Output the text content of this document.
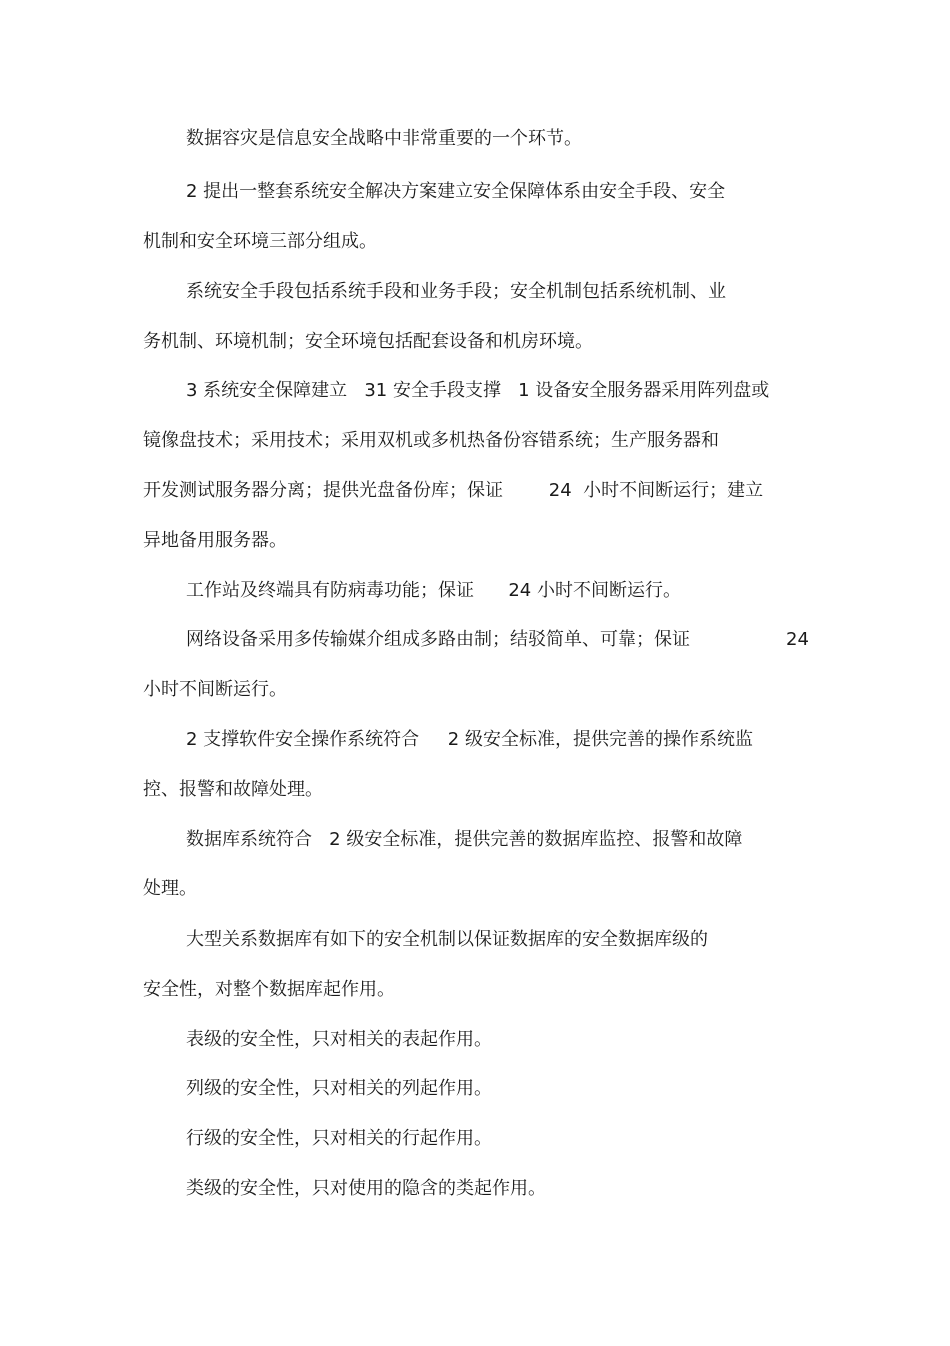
数据容灾是信息安全战略中非常重要的一个环节。

2 提出一整套系统安全解决方案建立安全保障体系由安全手段、安全

机制和安全环境三部分组成。

系统安全手段包括系统手段和业务手段；安全机制包括系统机制、业

务机制、环境机制；安全环境包括配套设备和机房环境。

3 系统安全保障建立   31 安全手段支撑   1 设备安全服务器采用阵列盘或

镜像盘技术；采用技术；采用双机或多机热备份容错系统；生产服务器和

开发测试服务器分离；提供光盘备份库；保证        24  小时不间断运行；建立

异地备用服务器。

工作站及终端具有防病毒功能；保证      24 小时不间断运行。

网络设备采用多传输媒介组成多路由制；结驳简单、可靠；保证	24

小时不间断运行。

2 支撑软件安全操作系统符合     2 级安全标准，提供完善的操作系统监

控、报警和故障处理。

数据库系统符合   2 级安全标准，提供完善的数据库监控、报警和故障

处理。

大型关系数据库有如下的安全机制以保证数据库的安全数据库级的

安全性，对整个数据库起作用。

表级的安全性，只对相关的表起作用。

列级的安全性，只对相关的列起作用。

行级的安全性，只对相关的行起作用。

类级的安全性，只对使用的隐含的类起作用。
